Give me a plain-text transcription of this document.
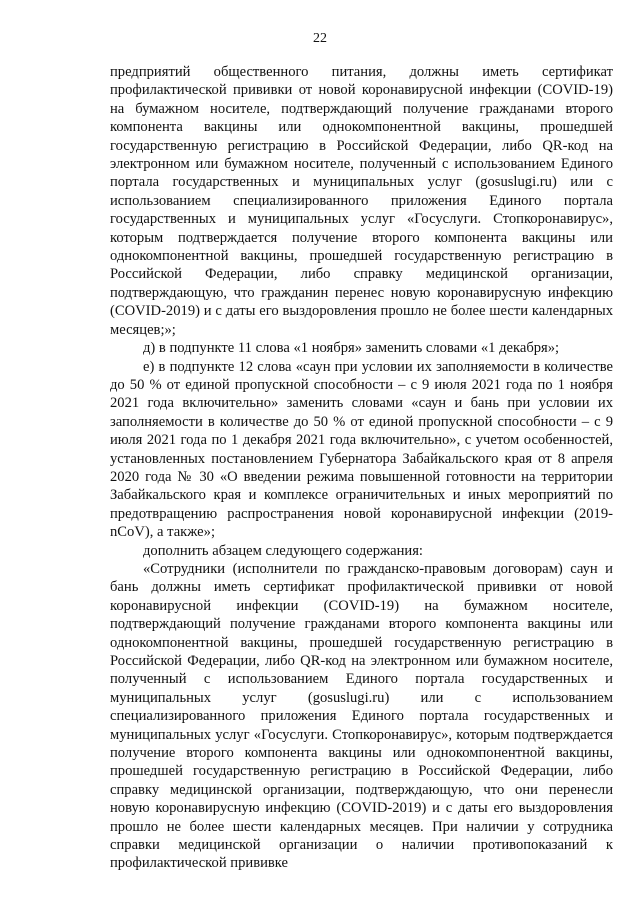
22

предприятий общественного питания, должны иметь сертификат профилактической прививки от новой коронавирусной инфекции (COVID-19) на бумажном носителе, подтверждающий получение гражданами второго компонента вакцины или однокомпонентной вакцины, прошедшей государственную регистрацию в Российской Федерации, либо QR-код на электронном или бумажном носителе, полученный с использованием Единого портала государственных и муниципальных услуг (gosuslugi.ru) или с использованием специализированного приложения Единого портала государственных и муниципальных услуг «Госуслуги. Стопкоронавирус», которым подтверждается получение второго компонента вакцины или однокомпонентной вакцины, прошедшей государственную регистрацию в Российской Федерации, либо справку медицинской организации, подтверждающую, что гражданин перенес новую коронавирусную инфекцию (COVID-2019) и с даты его выздоровления прошло не более шести календарных месяцев;»;

д) в подпункте 11 слова «1 ноября» заменить словами «1 декабря»;

е) в подпункте 12 слова «саун при условии их заполняемости в количестве до 50 % от единой пропускной способности – с 9 июля 2021 года по 1 ноября 2021 года включительно» заменить словами «саун и бань при условии их заполняемости в количестве до 50 % от единой пропускной способности – с 9 июля 2021 года по 1 декабря 2021 года включительно», с учетом особенностей, установленных постановлением Губернатора Забайкальского края от 8 апреля 2020 года № 30 «О введении режима повышенной готовности на территории Забайкальского края и комплексе ограничительных и иных мероприятий по предотвращению распространения новой коронавирусной инфекции (2019-nCoV), а также»;

дополнить абзацем следующего содержания:

«Сотрудники (исполнители по гражданско-правовым договорам) саун и бань должны иметь сертификат профилактической прививки от новой коронавирусной инфекции (COVID-19) на бумажном носителе, подтверждающий получение гражданами второго компонента вакцины или однокомпонентной вакцины, прошедшей государственную регистрацию в Российской Федерации, либо QR-код на электронном или бумажном носителе, полученный с использованием Единого портала государственных и муниципальных услуг (gosuslugi.ru) или с использованием специализированного приложения Единого портала государственных и муниципальных услуг «Госуслуги. Стопкоронавирус», которым подтверждается получение второго компонента вакцины или однокомпонентной вакцины, прошедшей государственную регистрацию в Российской Федерации, либо справку медицинской организации, подтверждающую, что они перенесли новую коронавирусную инфекцию (COVID-2019) и с даты его выздоровления прошло не более шести календарных месяцев. При наличии у сотрудника справки медицинской организации о наличии противопоказаний к профилактической прививке
